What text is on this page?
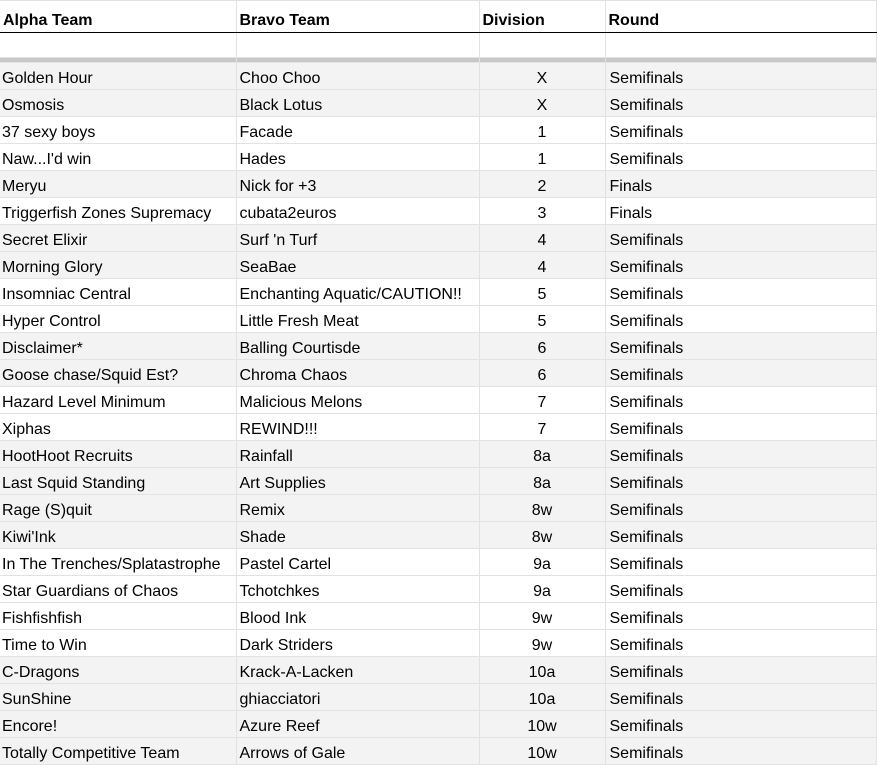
Alpha Team	Bravo Team	Division	Round

Golden Hour	Choo Choo	X	Semifinals
Osmosis	Black Lotus	X	Semifinals
37 sexy boys	Facade	1	Semifinals
Naw...I'd win	Hades	1	Semifinals
Meryu	Nick for +3	2	Finals
Triggerfish Zones Supremacy	cubata2euros	3	Finals
Secret Elixir	Surf 'n Turf	4	Semifinals
Morning Glory	SeaBae	4	Semifinals
Insomniac Central	Enchanting Aquatic/CAUTION!!	5	Semifinals
Hyper Control	Little Fresh Meat	5	Semifinals
Disclaimer*	Balling Courtisde	6	Semifinals
Goose chase/Squid Est?	Chroma Chaos	6	Semifinals
Hazard Level Minimum	Malicious Melons	7	Semifinals
Xiphas	REWIND!!!	7	Semifinals
HootHoot Recruits	Rainfall	8a	Semifinals
Last Squid Standing	Art Supplies	8a	Semifinals
Rage (S)quit	Remix	8w	Semifinals
Kiwi'Ink	Shade	8w	Semifinals
In The Trenches/Splatastrophe	Pastel Cartel	9a	Semifinals
Star Guardians of Chaos	Tchotchkes	9a	Semifinals
Fishfishfish	Blood Ink	9w	Semifinals
Time to Win	Dark Striders	9w	Semifinals
C-Dragons	Krack-A-Lacken	10a	Semifinals
SunShine	ghiacciatori	10a	Semifinals
Encore!	Azure Reef	10w	Semifinals
Totally Competitive Team	Arrows of Gale	10w	Semifinals
